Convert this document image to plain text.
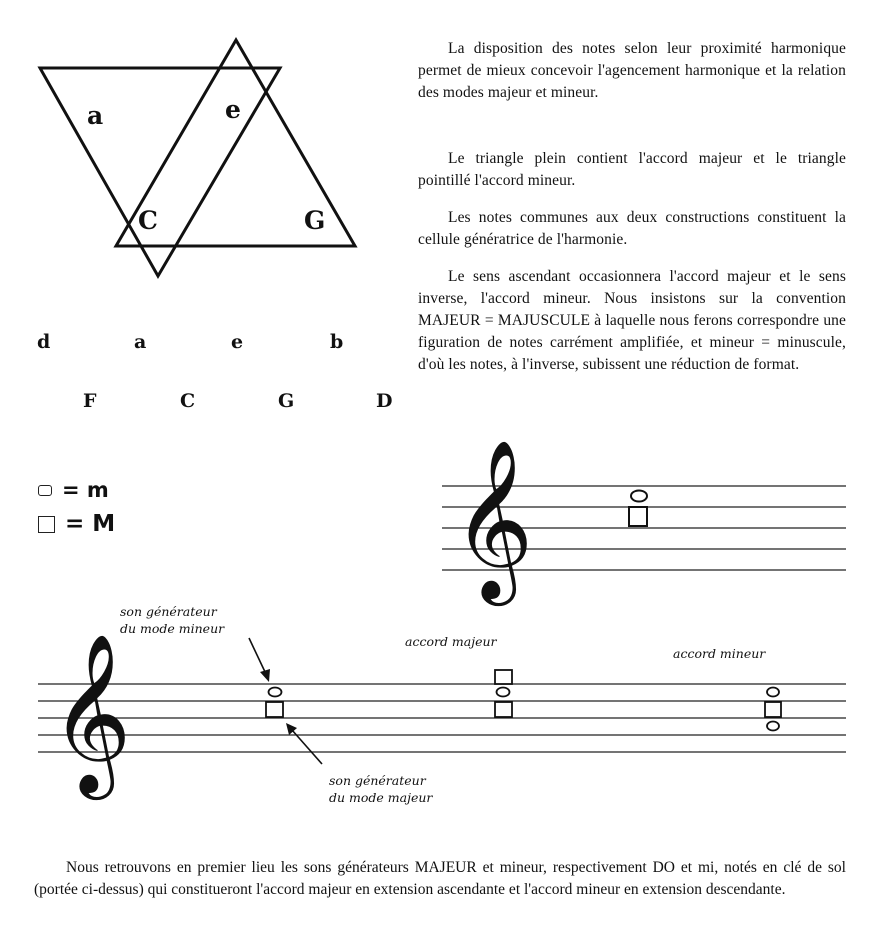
a	e
C	G
d	a	e	b
F	C	G	D

La disposition des notes selon leur proximité harmonique permet de mieux concevoir l'agencement harmonique et la relation des modes majeur et mineur.

Le triangle plein contient l'accord majeur et le triangle pointillé l'accord mineur.

Les notes communes aux deux constructions constituent la cellule génératrice de l'harmonie.

Le sens ascendant occasionnera l'accord majeur et le sens inverse, l'accord mineur. Nous insistons sur la convention MAJEUR = MAJUSCULE à laquelle nous ferons correspondre une figuration de notes carrément amplifiée, et mineur = minuscule, d'où les notes, à l'inverse, subissent une réduction de format.

= m
= M 𝄞
𝄞
son générateur
du mode mineur
accord majeur
accord mineur
son générateur
du mode majeur

Nous retrouvons en premier lieu les sons générateurs MAJEUR et mineur, respectivement DO et mi, notés en clé de sol (portée ci-dessus) qui constitueront l'accord majeur en extension ascendante et l'accord mineur en extension descendante.
